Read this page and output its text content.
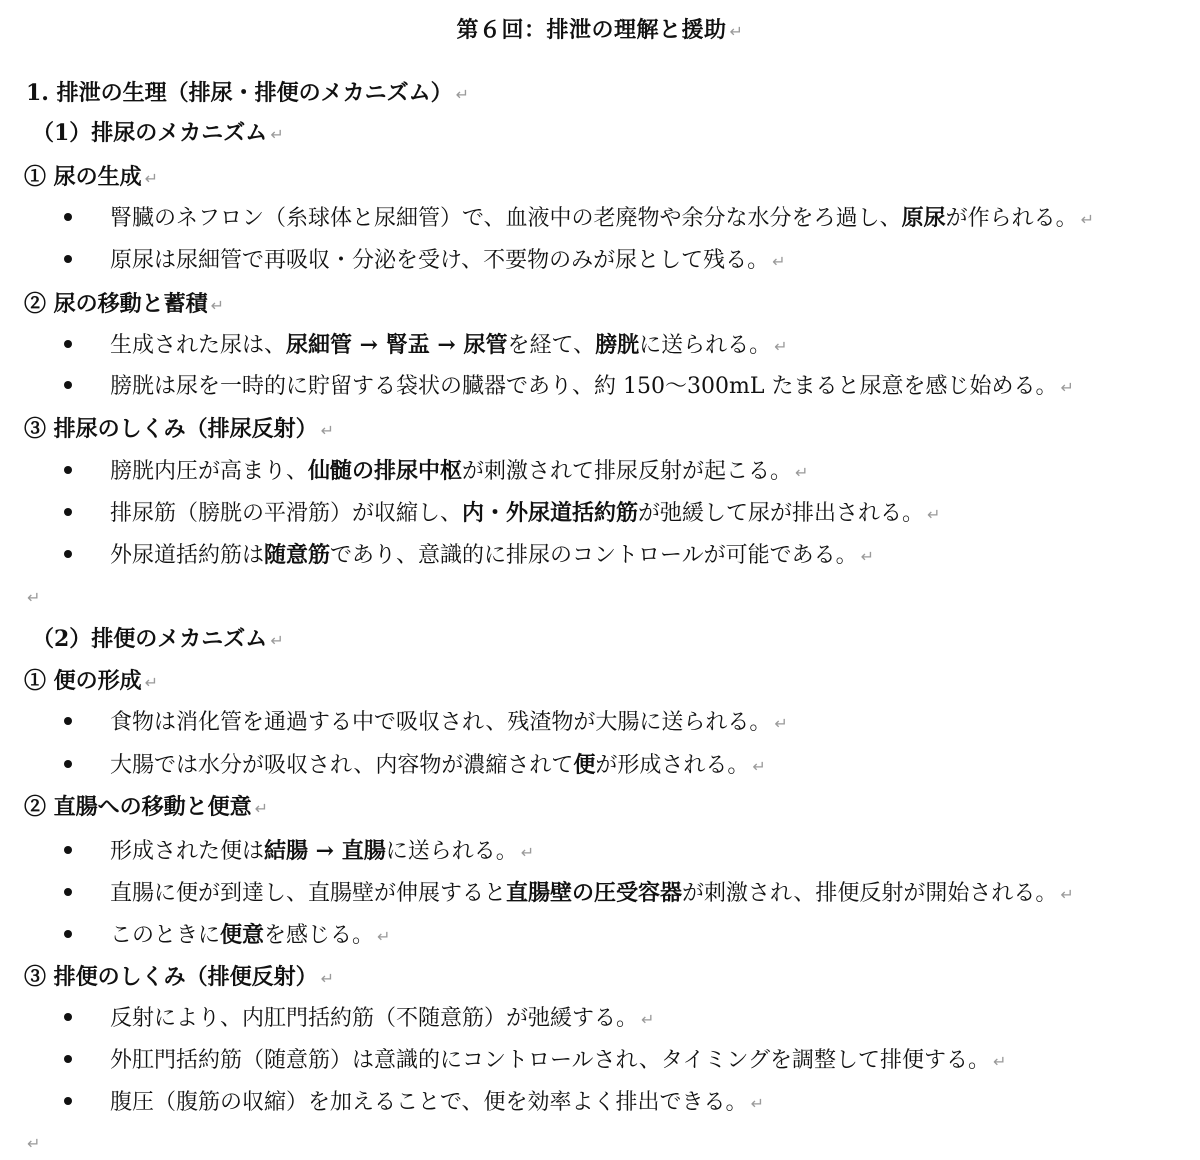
第６回：排泄の理解と援助 ↵
1. 排泄の生理（排尿・排便のメカニズム） ↵
（1）排尿のメカニズム ↵
① 尿の生成 ↵
腎臓のネフロン（糸球体と尿細管）で、血液中の老廃物や余分な水分をろ過し、原尿が作られる。 ↵
原尿は尿細管で再吸収・分泌を受け、不要物のみが尿として残る。 ↵
② 尿の移動と蓄積 ↵
生成された尿は、尿細管 → 腎盂 → 尿管を経て、膀胱に送られる。 ↵
膀胱は尿を一時的に貯留する袋状の臓器であり、約 150～300mL たまると尿意を感じ始める。 ↵
③ 排尿のしくみ（排尿反射） ↵
膀胱内圧が高まり、仙髄の排尿中枢が刺激されて排尿反射が起こる。 ↵
排尿筋（膀胱の平滑筋）が収縮し、内・外尿道括約筋が弛緩して尿が排出される。 ↵
外尿道括約筋は随意筋であり、意識的に排尿のコントロールが可能である。 ↵
↵
（2）排便のメカニズム ↵
① 便の形成 ↵
食物は消化管を通過する中で吸収され、残渣物が大腸に送られる。 ↵
大腸では水分が吸収され、内容物が濃縮されて便が形成される。 ↵
② 直腸への移動と便意 ↵
形成された便は結腸 → 直腸に送られる。 ↵
直腸に便が到達し、直腸壁が伸展すると直腸壁の圧受容器が刺激され、排便反射が開始される。 ↵
このときに便意を感じる。 ↵
③ 排便のしくみ（排便反射） ↵
反射により、内肛門括約筋（不随意筋）が弛緩する。 ↵
外肛門括約筋（随意筋）は意識的にコントロールされ、タイミングを調整して排便する。 ↵
腹圧（腹筋の収縮）を加えることで、便を効率よく排出できる。 ↵
↵
